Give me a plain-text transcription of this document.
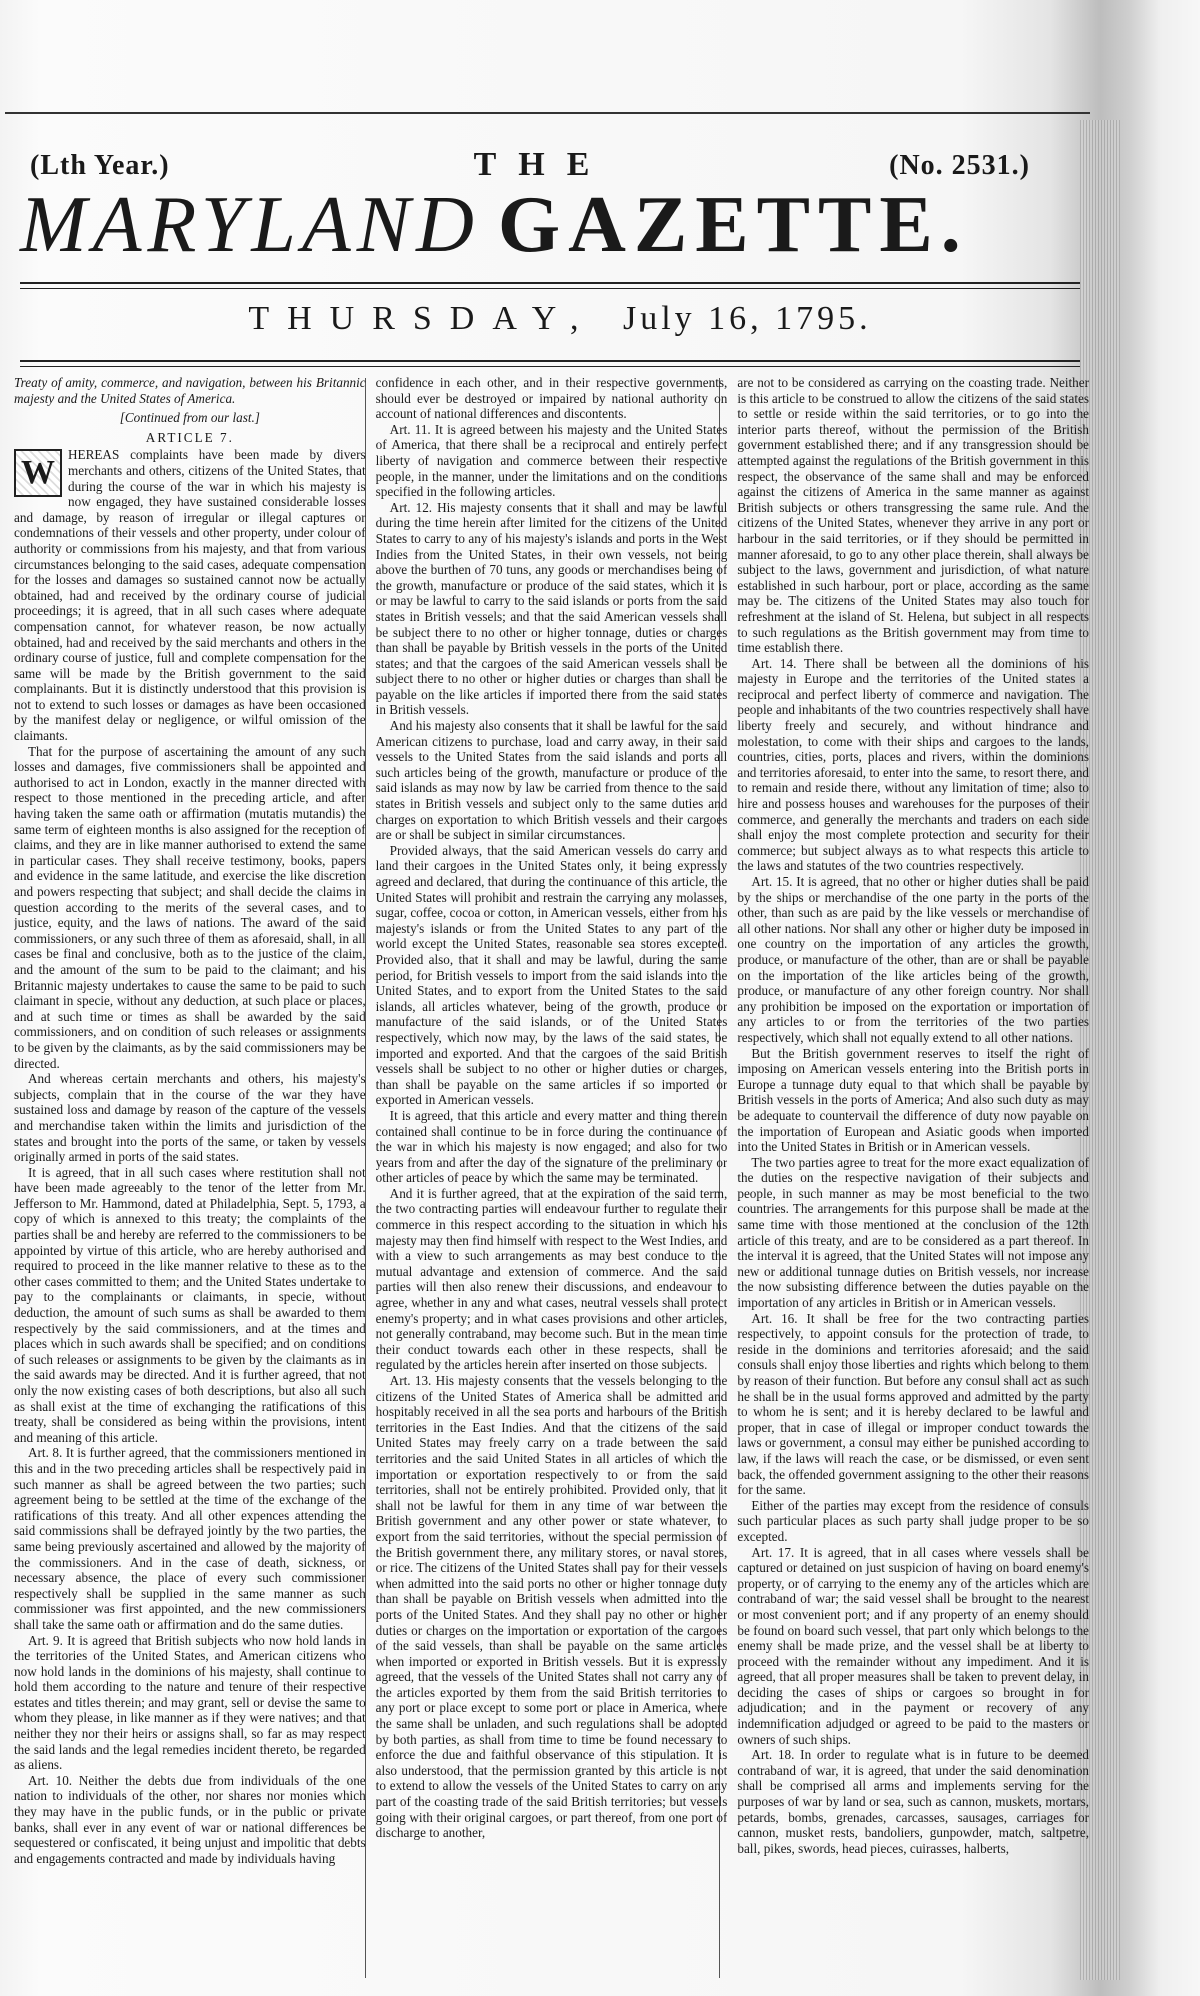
(Lth Year.)	THE	(No. 2531.)
MARYLAND GAZETTE.
THURSDAY, July 16, 1795.

Treaty of amity, commerce, and navigation, between his Britannic majesty and the United States of America.

[Continued from our last.]

ARTICLE 7.

W HEREAS complaints have been made by divers merchants and others, citizens of the United States, that during the course of the war in which his majesty is now engaged, they have sustained considerable losses and damage, by reason of irregular or illegal captures or condemnations of their vessels and other property, under colour of authority or commissions from his majesty, and that from various circumstances belonging to the said cases, adequate compensation for the losses and damages so sustained cannot now be actually obtained, had and received by the ordinary course of judicial proceedings; it is agreed, that in all such cases where adequate compensation cannot, for whatever reason, be now actually obtained, had and received by the said merchants and others in the ordinary course of justice, full and complete compensation for the same will be made by the British government to the said complainants. But it is distinctly understood that this provision is not to extend to such losses or damages as have been occasioned by the manifest delay or negligence, or wilful omission of the claimants.

That for the purpose of ascertaining the amount of any such losses and damages, five commissioners shall be appointed and authorised to act in London, exactly in the manner directed with respect to those mentioned in the preceding article, and after having taken the same oath or affirmation (mutatis mutandis) the same term of eighteen months is also assigned for the reception of claims, and they are in like manner authorised to extend the same in particular cases. They shall receive testimony, books, papers and evidence in the same latitude, and exercise the like discretion and powers respecting that subject; and shall decide the claims in question according to the merits of the several cases, and to justice, equity, and the laws of nations. The award of the said commissioners, or any such three of them as aforesaid, shall, in all cases be final and conclusive, both as to the justice of the claim, and the amount of the sum to be paid to the claimant; and his Britannic majesty undertakes to cause the same to be paid to such claimant in specie, without any deduction, at such place or places, and at such time or times as shall be awarded by the said commissioners, and on condition of such releases or assignments to be given by the claimants, as by the said commissioners may be directed.

And whereas certain merchants and others, his majesty's subjects, complain that in the course of the war they have sustained loss and damage by reason of the capture of the vessels and merchandise taken within the limits and jurisdiction of the states and brought into the ports of the same, or taken by vessels originally armed in ports of the said states.

It is agreed, that in all such cases where restitution shall not have been made agreeably to the tenor of the letter from Mr. Jefferson to Mr. Hammond, dated at Philadelphia, Sept. 5, 1793, a copy of which is annexed to this treaty; the complaints of the parties shall be and hereby are referred to the commissioners to be appointed by virtue of this article, who are hereby authorised and required to proceed in the like manner relative to these as to the other cases committed to them; and the United States undertake to pay to the complainants or claimants, in specie, without deduction, the amount of such sums as shall be awarded to them respectively by the said commissioners, and at the times and places which in such awards shall be specified; and on conditions of such releases or assignments to be given by the claimants as in the said awards may be directed. And it is further agreed, that not only the now existing cases of both descriptions, but also all such as shall exist at the time of exchanging the ratifications of this treaty, shall be considered as being within the provisions, intent and meaning of this article.

Art. 8. It is further agreed, that the commissioners mentioned in this and in the two preceding articles shall be respectively paid in such manner as shall be agreed between the two parties; such agreement being to be settled at the time of the exchange of the ratifications of this treaty. And all other expences attending the said commissions shall be defrayed jointly by the two parties, the same being previously ascertained and allowed by the majority of the commissioners. And in the case of death, sickness, or necessary absence, the place of every such commissioner respectively shall be supplied in the same manner as such commissioner was first appointed, and the new commissioners shall take the same oath or affirmation and do the same duties.

Art. 9. It is agreed that British subjects who now hold lands in the territories of the United States, and American citizens who now hold lands in the dominions of his majesty, shall continue to hold them according to the nature and tenure of their respective estates and titles therein; and may grant, sell or devise the same to whom they please, in like manner as if they were natives; and that neither they nor their heirs or assigns shall, so far as may respect the said lands and the legal remedies incident thereto, be regarded as aliens.

Art. 10. Neither the debts due from individuals of the one nation to individuals of the other, nor shares nor monies which they may have in the public funds, or in the public or private banks, shall ever in any event of war or national differences be sequestered or confiscated, it being unjust and impolitic that debts and engagements contracted and made by individuals having

confidence in each other, and in their respective governments, should ever be destroyed or impaired by national authority on account of national differences and discontents.

Art. 11. It is agreed between his majesty and the United States of America, that there shall be a reciprocal and entirely perfect liberty of navigation and commerce between their respective people, in the manner, under the limitations and on the conditions specified in the following articles.

Art. 12. His majesty consents that it shall and may be lawful during the time herein after limited for the citizens of the United States to carry to any of his majesty's islands and ports in the West Indies from the United States, in their own vessels, not being above the burthen of 70 tuns, any goods or merchandises being of the growth, manufacture or produce of the said states, which it is or may be lawful to carry to the said islands or ports from the said states in British vessels; and that the said American vessels shall be subject there to no other or higher tonnage, duties or charges than shall be payable by British vessels in the ports of the United states; and that the cargoes of the said American vessels shall be subject there to no other or higher duties or charges than shall be payable on the like articles if imported there from the said states in British vessels.

And his majesty also consents that it shall be lawful for the said American citizens to purchase, load and carry away, in their said vessels to the United States from the said islands and ports all such articles being of the growth, manufacture or produce of the said islands as may now by law be carried from thence to the said states in British vessels and subject only to the same duties and charges on exportation to which British vessels and their cargoes are or shall be subject in similar circumstances.

Provided always, that the said American vessels do carry and land their cargoes in the United States only, it being expressly agreed and declared, that during the continuance of this article, the United States will prohibit and restrain the carrying any molasses, sugar, coffee, cocoa or cotton, in American vessels, either from his majesty's islands or from the United States to any part of the world except the United States, reasonable sea stores excepted. Provided also, that it shall and may be lawful, during the same period, for British vessels to import from the said islands into the United States, and to export from the United States to the said islands, all articles whatever, being of the growth, produce or manufacture of the said islands, or of the United States respectively, which now may, by the laws of the said states, be imported and exported. And that the cargoes of the said British vessels shall be subject to no other or higher duties or charges, than shall be payable on the same articles if so imported or exported in American vessels.

It is agreed, that this article and every matter and thing therein contained shall continue to be in force during the continuance of the war in which his majesty is now engaged; and also for two years from and after the day of the signature of the preliminary or other articles of peace by which the same may be terminated.

And it is further agreed, that at the expiration of the said term, the two contracting parties will endeavour further to regulate their commerce in this respect according to the situation in which his majesty may then find himself with respect to the West Indies, and with a view to such arrangements as may best conduce to the mutual advantage and extension of commerce. And the said parties will then also renew their discussions, and endeavour to agree, whether in any and what cases, neutral vessels shall protect enemy's property; and in what cases provisions and other articles, not generally contraband, may become such. But in the mean time their conduct towards each other in these respects, shall be regulated by the articles herein after inserted on those subjects.

Art. 13. His majesty consents that the vessels belonging to the citizens of the United States of America shall be admitted and hospitably received in all the sea ports and harbours of the British territories in the East Indies. And that the citizens of the said United States may freely carry on a trade between the said territories and the said United States in all articles of which the importation or exportation respectively to or from the said territories, shall not be entirely prohibited. Provided only, that it shall not be lawful for them in any time of war between the British government and any other power or state whatever, to export from the said territories, without the special permission of the British government there, any military stores, or naval stores, or rice. The citizens of the United States shall pay for their vessels when admitted into the said ports no other or higher tonnage duty than shall be payable on British vessels when admitted into the ports of the United States. And they shall pay no other or higher duties or charges on the importation or exportation of the cargoes of the said vessels, than shall be payable on the same articles when imported or exported in British vessels. But it is expressly agreed, that the vessels of the United States shall not carry any of the articles exported by them from the said British territories to any port or place except to some port or place in America, where the same shall be unladen, and such regulations shall be adopted by both parties, as shall from time to time be found necessary to enforce the due and faithful observance of this stipulation. It is also understood, that the permission granted by this article is not to extend to allow the vessels of the United States to carry on any part of the coasting trade of the said British territories; but vessels going with their original cargoes, or part thereof, from one port of discharge to another,

are not to be considered as carrying on the coasting trade. Neither is this article to be construed to allow the citizens of the said states to settle or reside within the said territories, or to go into the interior parts thereof, without the permission of the British government established there; and if any transgression should be attempted against the regulations of the British government in this respect, the observance of the same shall and may be enforced against the citizens of America in the same manner as against British subjects or others transgressing the same rule. And the citizens of the United States, whenever they arrive in any port or harbour in the said territories, or if they should be permitted in manner aforesaid, to go to any other place therein, shall always be subject to the laws, government and jurisdiction, of what nature established in such harbour, port or place, according as the same may be. The citizens of the United States may also touch for refreshment at the island of St. Helena, but subject in all respects to such regulations as the British government may from time to time establish there.

Art. 14. There shall be between all the dominions of his majesty in Europe and the territories of the United states a reciprocal and perfect liberty of commerce and navigation. The people and inhabitants of the two countries respectively shall have liberty freely and securely, and without hindrance and molestation, to come with their ships and cargoes to the lands, countries, cities, ports, places and rivers, within the dominions and territories aforesaid, to enter into the same, to resort there, and to remain and reside there, without any limitation of time; also to hire and possess houses and warehouses for the purposes of their commerce, and generally the merchants and traders on each side shall enjoy the most complete protection and security for their commerce; but subject always as to what respects this article to the laws and statutes of the two countries respectively.

Art. 15. It is agreed, that no other or higher duties shall be paid by the ships or merchandise of the one party in the ports of the other, than such as are paid by the like vessels or merchandise of all other nations. Nor shall any other or higher duty be imposed in one country on the importation of any articles the growth, produce, or manufacture of the other, than are or shall be payable on the importation of the like articles being of the growth, produce, or manufacture of any other foreign country. Nor shall any prohibition be imposed on the exportation or importation of any articles to or from the territories of the two parties respectively, which shall not equally extend to all other nations.

But the British government reserves to itself the right of imposing on American vessels entering into the British ports in Europe a tunnage duty equal to that which shall be payable by British vessels in the ports of America; And also such duty as may be adequate to countervail the difference of duty now payable on the importation of European and Asiatic goods when imported into the United States in British or in American vessels.

The two parties agree to treat for the more exact equalization of the duties on the respective navigation of their subjects and people, in such manner as may be most beneficial to the two countries. The arrangements for this purpose shall be made at the same time with those mentioned at the conclusion of the 12th article of this treaty, and are to be considered as a part thereof. In the interval it is agreed, that the United States will not impose any new or additional tunnage duties on British vessels, nor increase the now subsisting difference between the duties payable on the importation of any articles in British or in American vessels.

Art. 16. It shall be free for the two contracting parties respectively, to appoint consuls for the protection of trade, to reside in the dominions and territories aforesaid; and the said consuls shall enjoy those liberties and rights which belong to them by reason of their function. But before any consul shall act as such he shall be in the usual forms approved and admitted by the party to whom he is sent; and it is hereby declared to be lawful and proper, that in case of illegal or improper conduct towards the laws or government, a consul may either be punished according to law, if the laws will reach the case, or be dismissed, or even sent back, the offended government assigning to the other their reasons for the same.

Either of the parties may except from the residence of consuls such particular places as such party shall judge proper to be so excepted.

Art. 17. It is agreed, that in all cases where vessels shall be captured or detained on just suspicion of having on board enemy's property, or of carrying to the enemy any of the articles which are contraband of war; the said vessel shall be brought to the nearest or most convenient port; and if any property of an enemy should be found on board such vessel, that part only which belongs to the enemy shall be made prize, and the vessel shall be at liberty to proceed with the remainder without any impediment. And it is agreed, that all proper measures shall be taken to prevent delay, in deciding the cases of ships or cargoes so brought in for adjudication; and in the payment or recovery of any indemnification adjudged or agreed to be paid to the masters or owners of such ships.

Art. 18. In order to regulate what is in future to be deemed contraband of war, it is agreed, that under the said denomination shall be comprised all arms and implements serving for the purposes of war by land or sea, such as cannon, muskets, mortars, petards, bombs, grenades, carcasses, sausages, carriages for cannon, musket rests, bandoliers, gunpowder, match, saltpetre, ball, pikes, swords, head pieces, cuirasses, halberts,
